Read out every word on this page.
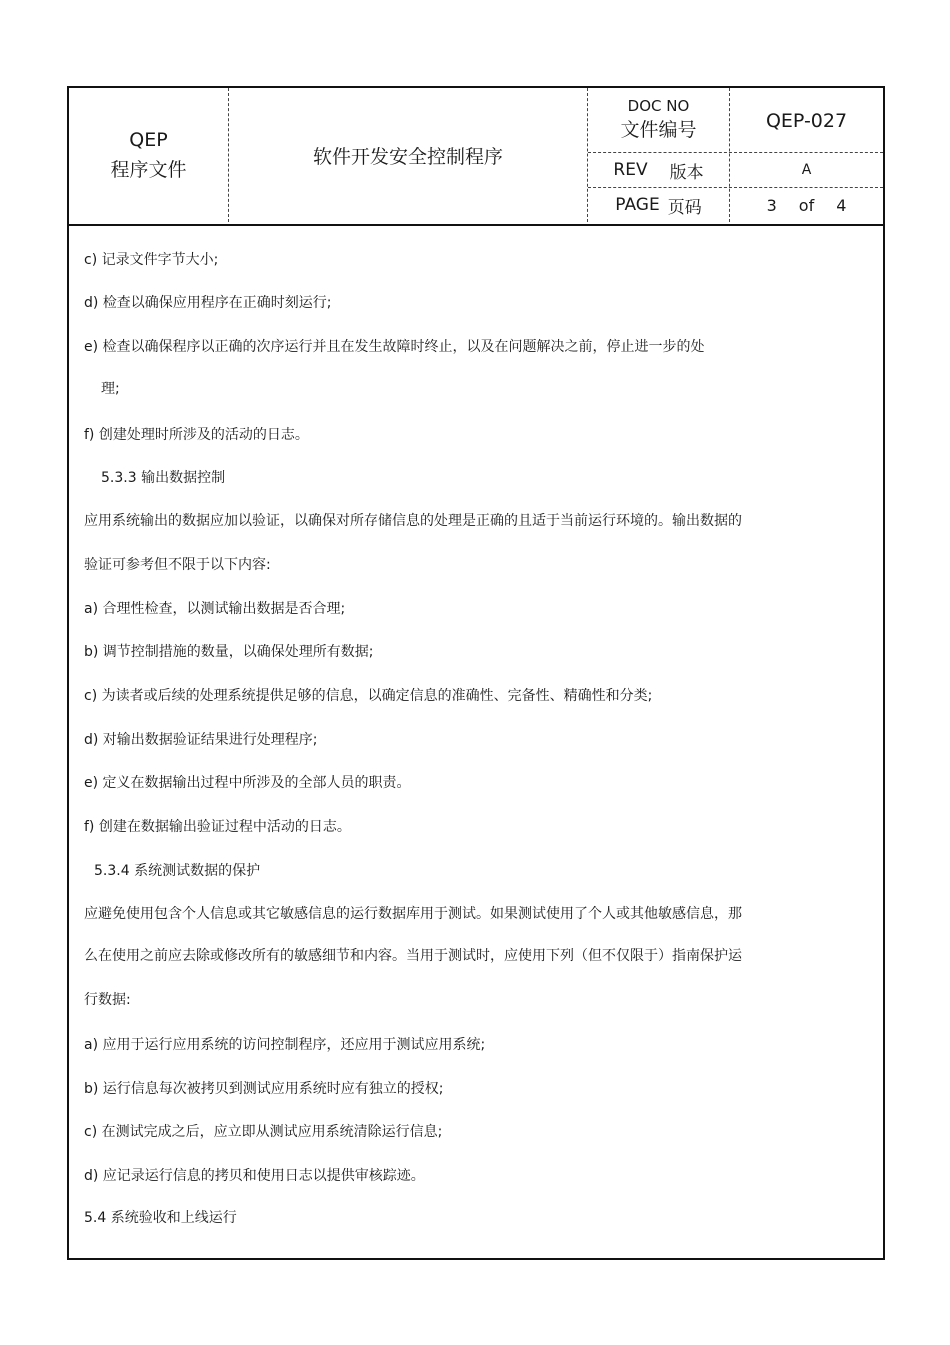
QEP
程序文件
软件开发安全控制程序
DOC NO
文件编号	QEP-027
REV 版本	A
PAGE 页码	3 of 4
c) 记录文件字节大小;
d) 检查以确保应用程序在正确时刻运行;
e) 检查以确保程序以正确的次序运行并且在发生故障时终止，以及在问题解决之前，停止进一步的处
理;
f) 创建处理时所涉及的活动的日志。
5.3.3 输出数据控制
应用系统输出的数据应加以验证，以确保对所存储信息的处理是正确的且适于当前运行环境的。输出数据的
验证可参考但不限于以下内容:
a) 合理性检查，以测试输出数据是否合理;
b) 调节控制措施的数量，以确保处理所有数据;
c) 为读者或后续的处理系统提供足够的信息，以确定信息的准确性、完备性、精确性和分类;
d) 对输出数据验证结果进行处理程序;
e) 定义在数据输出过程中所涉及的全部人员的职责。
f) 创建在数据输出验证过程中活动的日志。
5.3.4 系统测试数据的保护
应避免使用包含个人信息或其它敏感信息的运行数据库用于测试。如果测试使用了个人或其他敏感信息，那
么在使用之前应去除或修改所有的敏感细节和内容。当用于测试时，应使用下列（但不仅限于）指南保护运
行数据:
a) 应用于运行应用系统的访问控制程序，还应用于测试应用系统;
b) 运行信息每次被拷贝到测试应用系统时应有独立的授权;
c) 在测试完成之后，应立即从测试应用系统清除运行信息;
d) 应记录运行信息的拷贝和使用日志以提供审核踪迹。
5.4 系统验收和上线运行
